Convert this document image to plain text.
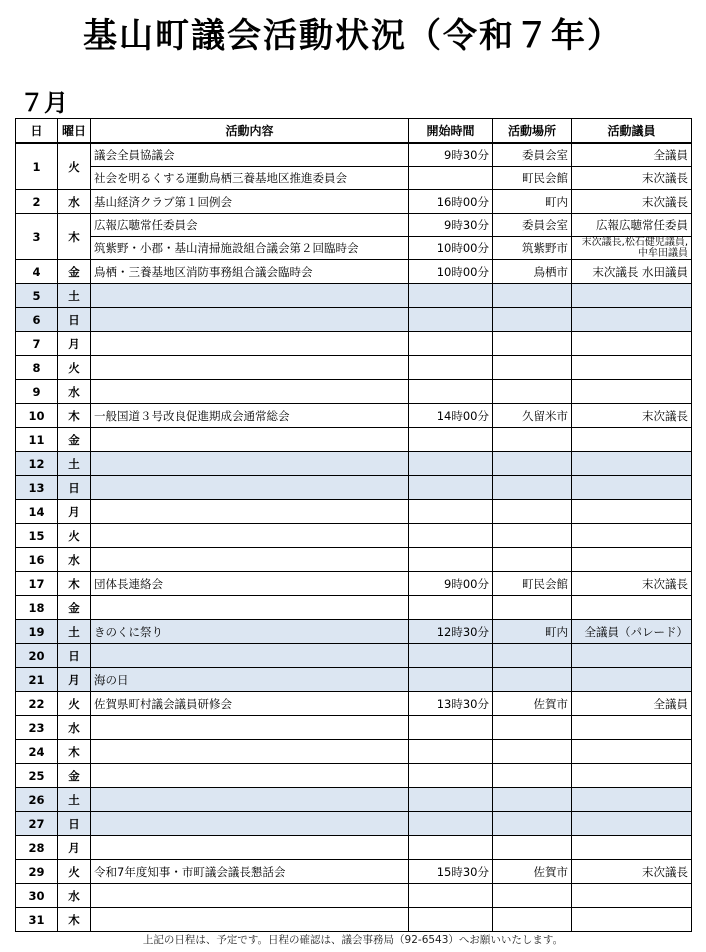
基山町議会活動状況（令和７年）
７月
日	曜日	活動内容	開始時間	活動場所	活動議員
1	火	議会全員協議会	9時30分	委員会室	全議員
		社会を明るくする運動鳥栖三養基地区推進委員会		町民会館	末次議長
2	水	基山経済クラブ第１回例会	16時00分	町内	末次議長
3	木	広報広聴常任委員会	9時30分	委員会室	広報広聴常任委員
		筑紫野・小郡・基山清掃施設組合議会第２回臨時会	10時00分	筑紫野市	末次議長,松石健児議員,中牟田議員
4	金	鳥栖・三養基地区消防事務組合議会臨時会	10時00分	鳥栖市	末次議長 水田議員
5	土				
6	日				
7	月				
8	火				
9	水				
10	木	一般国道３号改良促進期成会通常総会	14時00分	久留米市	末次議長
11	金				
12	土				
13	日				
14	月				
15	火				
16	水				
17	木	団体長連絡会	9時00分	町民会館	末次議長
18	金				
19	土	きのくに祭り	12時30分	町内	全議員（パレード）
20	日				
21	月	海の日			
22	火	佐賀県町村議会議員研修会	13時30分	佐賀市	全議員
23	水				
24	木				
25	金				
26	土				
27	日				
28	月				
29	火	令和7年度知事・市町議会議長懇話会	15時30分	佐賀市	末次議長
30	水				
31	木				
上記の日程は、予定です。日程の確認は、議会事務局（92-6543）へお願いいたします。
